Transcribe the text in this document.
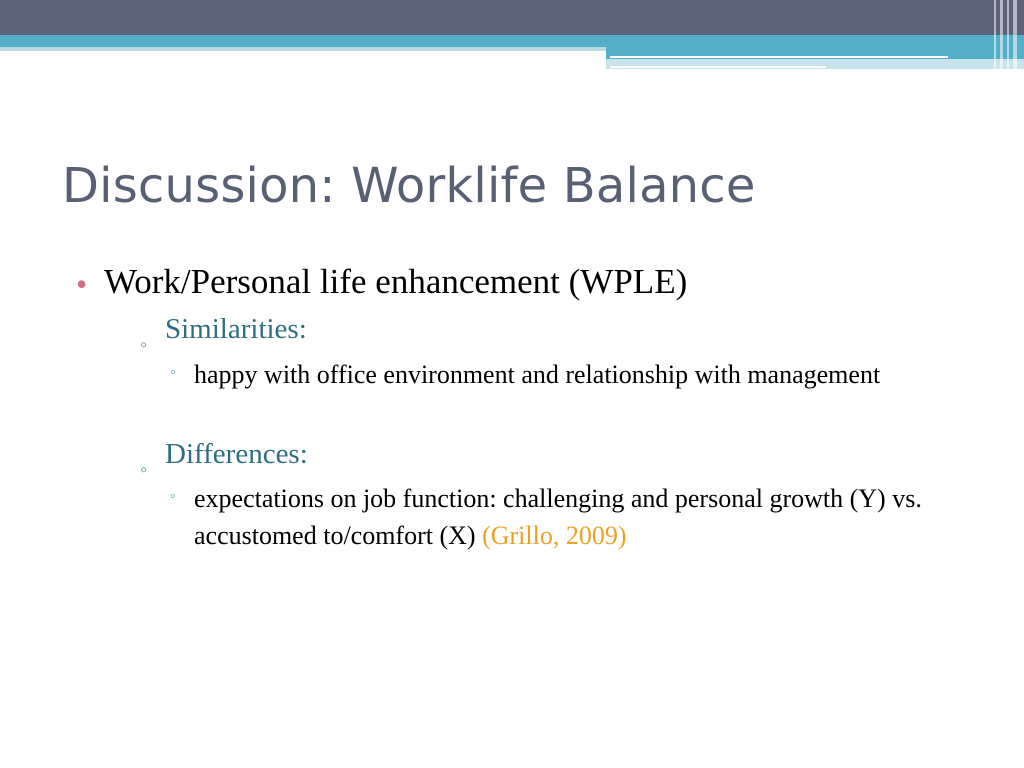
Discussion: Worklife Balance
• Work/Personal life enhancement (WPLE)
◦ Similarities:
◦ happy with office environment and relationship with management
◦ Differences:
◦ expectations on job function: challenging and personal growth (Y) vs. accustomed to/comfort (X) (Grillo, 2009)
